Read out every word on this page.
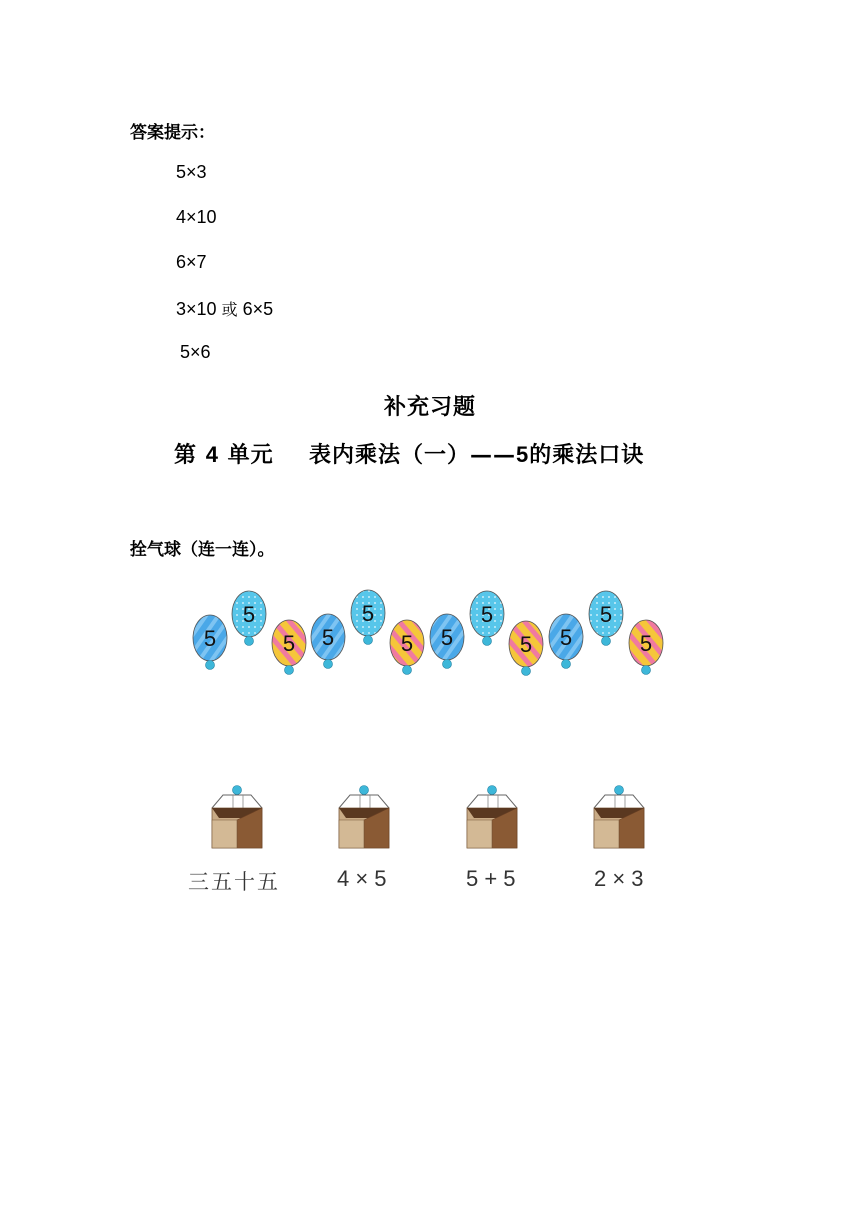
答案提示：
5×3
4×10
6×7
3×10 或 6×5
5×6
补充习题
第 4 单元 表内乘法（一）——5的乘法口诀
拴气球（连一连）。
5
5
5 5
5
5 5
5
5 5
5
5
三五十五	4 × 5	5 + 5	2 × 3
